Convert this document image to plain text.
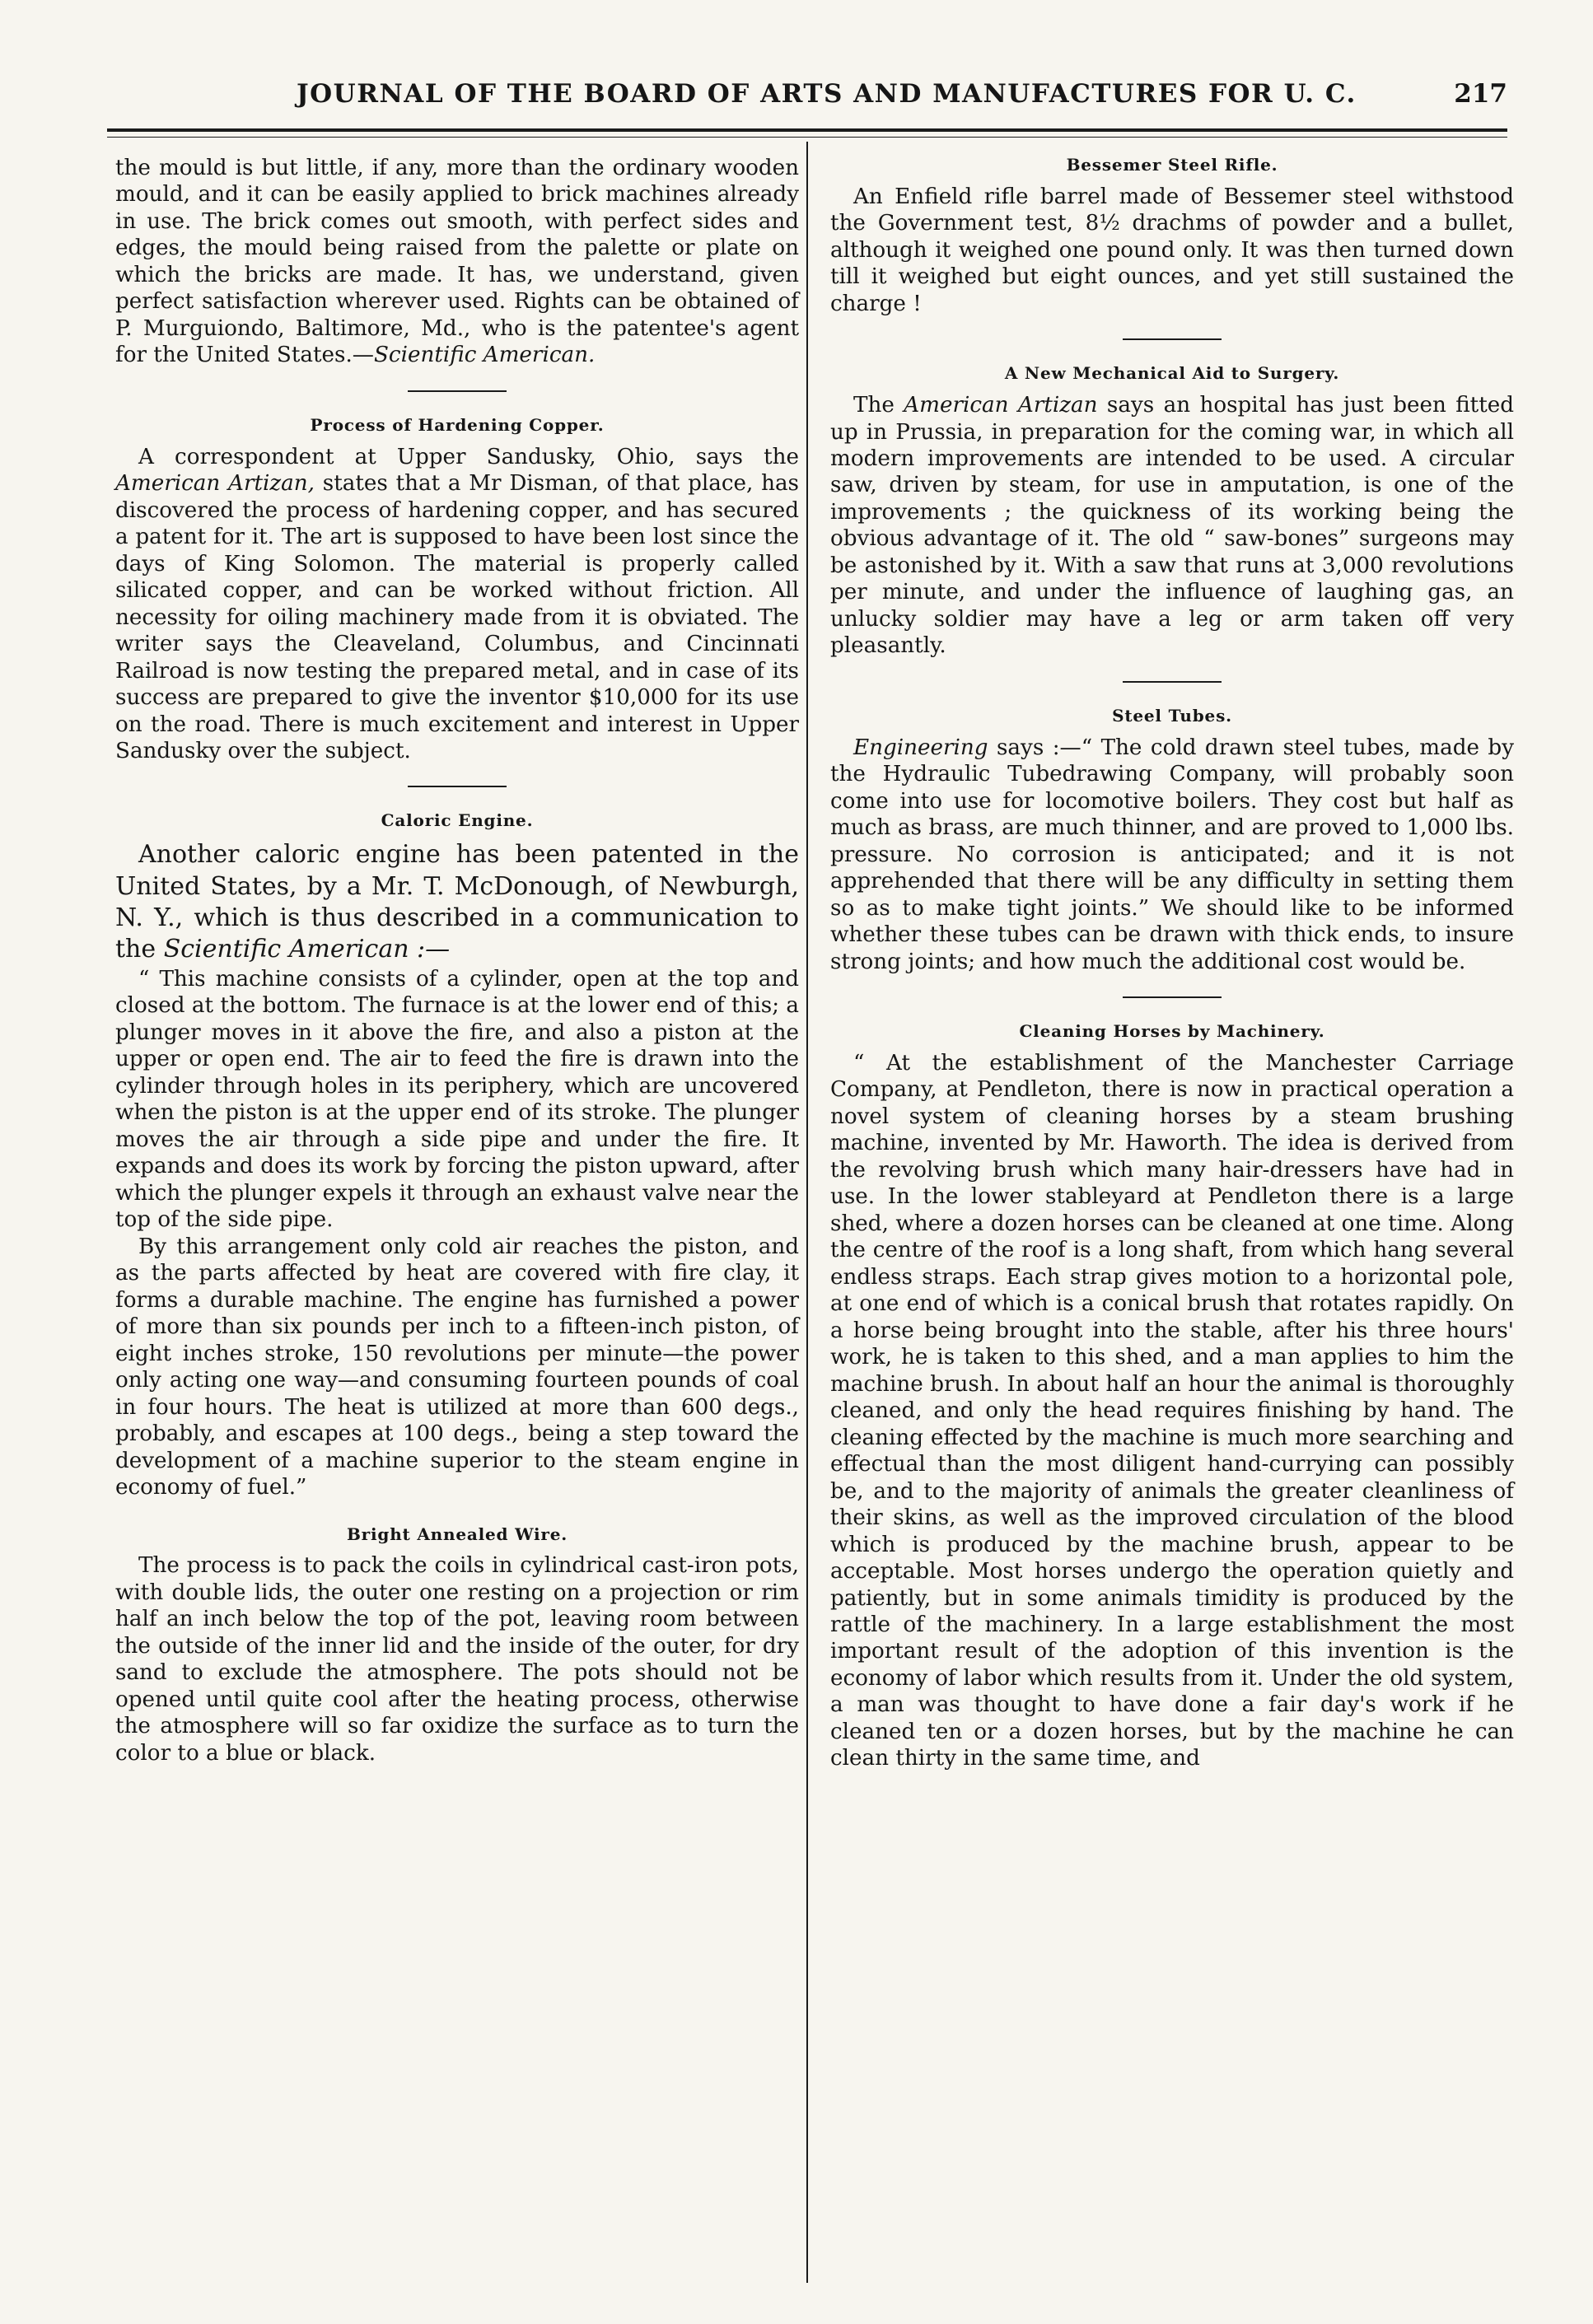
JOURNAL OF THE BOARD OF ARTS AND MANUFACTURES FOR U. C.	217

the mould is but little, if any, more than the ordinary wooden mould, and it can be easily applied to brick machines already in use. The brick comes out smooth, with perfect sides and edges, the mould being raised from the palette or plate on which the bricks are made. It has, we understand, given perfect satisfaction wherever used. Rights can be obtained of P. Murguiondo, Baltimore, Md., who is the patentee's agent for the United States.—Scientific American.

Process of Hardening Copper.

A correspondent at Upper Sandusky, Ohio, says the American Artizan, states that a Mr Disman, of that place, has discovered the process of hardening copper, and has secured a patent for it. The art is supposed to have been lost since the days of King Solomon. The material is properly called silicated copper, and can be worked without friction. All necessity for oiling machinery made from it is obviated. The writer says the Cleaveland, Columbus, and Cincinnati Railroad is now testing the prepared metal, and in case of its success are prepared to give the inventor $10,000 for its use on the road. There is much excitement and interest in Upper Sandusky over the subject.

Caloric Engine.

Another caloric engine has been patented in the United States, by a Mr. T. McDonough, of Newburgh, N. Y., which is thus described in a communication to the Scientific American :—

“ This machine consists of a cylinder, open at the top and closed at the bottom. The furnace is at the lower end of this; a plunger moves in it above the fire, and also a piston at the upper or open end. The air to feed the fire is drawn into the cylinder through holes in its periphery, which are uncovered when the piston is at the upper end of its stroke. The plunger moves the air through a side pipe and under the fire. It expands and does its work by forcing the piston upward, after which the plunger expels it through an exhaust valve near the top of the side pipe.

By this arrangement only cold air reaches the piston, and as the parts affected by heat are covered with fire clay, it forms a durable machine. The engine has furnished a power of more than six pounds per inch to a fifteen-inch piston, of eight inches stroke, 150 revolutions per minute—the power only acting one way—and consuming fourteen pounds of coal in four hours. The heat is utilized at more than 600 degs., probably, and escapes at 100 degs., being a step toward the development of a machine superior to the steam engine in economy of fuel.”

Bright Annealed Wire.

The process is to pack the coils in cylindrical cast-iron pots, with double lids, the outer one resting on a projection or rim half an inch below the top of the pot, leaving room between the outside of the inner lid and the inside of the outer, for dry sand to exclude the atmosphere. The pots should not be opened until quite cool after the heating process, otherwise the atmosphere will so far oxidize the surface as to turn the color to a blue or black.

Bessemer Steel Rifle.

An Enfield rifle barrel made of Bessemer steel withstood the Government test, 8½ drachms of powder and a bullet, although it weighed one pound only. It was then turned down till it weighed but eight ounces, and yet still sustained the charge !

A New Mechanical Aid to Surgery.

The American Artizan says an hospital has just been fitted up in Prussia, in preparation for the coming war, in which all modern improvements are intended to be used. A circular saw, driven by steam, for use in amputation, is one of the improvements ; the quickness of its working being the obvious advantage of it. The old “ saw-bones” surgeons may be astonished by it. With a saw that runs at 3,000 revolutions per minute, and under the influence of laughing gas, an unlucky soldier may have a leg or arm taken off very pleasantly.

Steel Tubes.

Engineering says :—“ The cold drawn steel tubes, made by the Hydraulic Tubedrawing Company, will probably soon come into use for locomotive boilers. They cost but half as much as brass, are much thinner, and are proved to 1,000 lbs. pressure. No corrosion is anticipated; and it is not apprehended that there will be any difficulty in setting them so as to make tight joints.” We should like to be informed whether these tubes can be drawn with thick ends, to insure strong joints; and how much the additional cost would be.

Cleaning Horses by Machinery.

“ At the establishment of the Manchester Carriage Company, at Pendleton, there is now in practical operation a novel system of cleaning horses by a steam brushing machine, invented by Mr. Haworth. The idea is derived from the revolving brush which many hair-dressers have had in use. In the lower stableyard at Pendleton there is a large shed, where a dozen horses can be cleaned at one time. Along the centre of the roof is a long shaft, from which hang several endless straps. Each strap gives motion to a horizontal pole, at one end of which is a conical brush that rotates rapidly. On a horse being brought into the stable, after his three hours' work, he is taken to this shed, and a man applies to him the machine brush. In about half an hour the animal is thoroughly cleaned, and only the head requires finishing by hand. The cleaning effected by the machine is much more searching and effectual than the most diligent hand-currying can possibly be, and to the majority of animals the greater cleanliness of their skins, as well as the improved circulation of the blood which is produced by the machine brush, appear to be acceptable. Most horses undergo the operation quietly and patiently, but in some animals timidity is produced by the rattle of the machinery. In a large establishment the most important result of the adoption of this invention is the economy of labor which results from it. Under the old system, a man was thought to have done a fair day's work if he cleaned ten or a dozen horses, but by the machine he can clean thirty in the same time, and
